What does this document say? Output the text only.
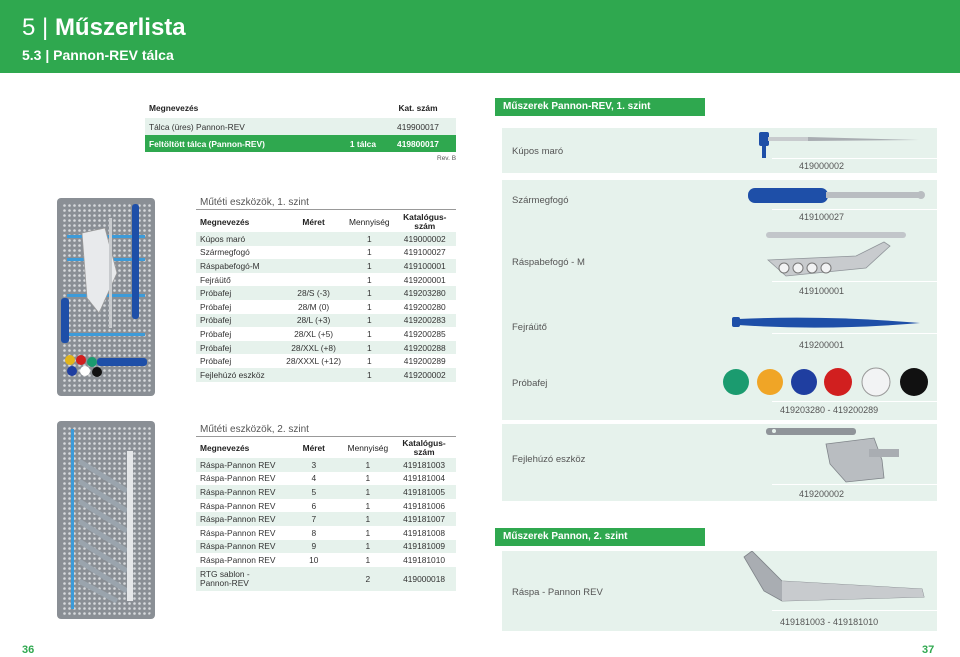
5 | Műszerlista
5.3 | Pannon-REV tálca
Megnevezés		Kat. szám
Tálca (üres) Pannon-REV		419900017
Feltöltött tálca (Pannon-REV)	1 tálca	419800017
Rev. B
Műtéti eszközök, 1. szint
Megnevezés	Méret	Mennyiség	Katalógus-
szám

Kúpos maró		1	419000002
Szármegfogó		1	419100027
Ráspabefogó-M		1	419100001
Fejráütő		1	419200001
Próbafej	28/S (-3)	1	419203280
Próbafej	28/M (0)	1	419200280
Próbafej	28/L (+3)	1	419200283
Próbafej	28/XL (+5)	1	419200285
Próbafej	28/XXL (+8)	1	419200288
Próbafej	28/XXXL (+12)	1	419200289
Fejlehúzó eszköz		1	419200002
Műtéti eszközök, 2. szint
Megnevezés	Méret	Mennyiség	Katalógus-
szám

Ráspa-Pannon REV	3	1	419181003
Ráspa-Pannon REV	4	1	419181004
Ráspa-Pannon REV	5	1	419181005
Ráspa-Pannon REV	6	1	419181006
Ráspa-Pannon REV	7	1	419181007
Ráspa-Pannon REV	8	1	419181008
Ráspa-Pannon REV	9	1	419181009
Ráspa-Pannon REV	10	1	419181010

RTG sablon -
Pannon-REV		2	419000018
Műszerek Pannon-REV, 1. szint
Kúpos maró
419000002
Szármegfogó
Ráspabefogó - M
Fejráütő
Próbafej
419100027
419100001
419200001
419203280 - 419200289
Fejlehúzó eszköz
419200002
Műszerek Pannon, 2. szint
Ráspa - Pannon REV
419181003 - 419181010
36	37
